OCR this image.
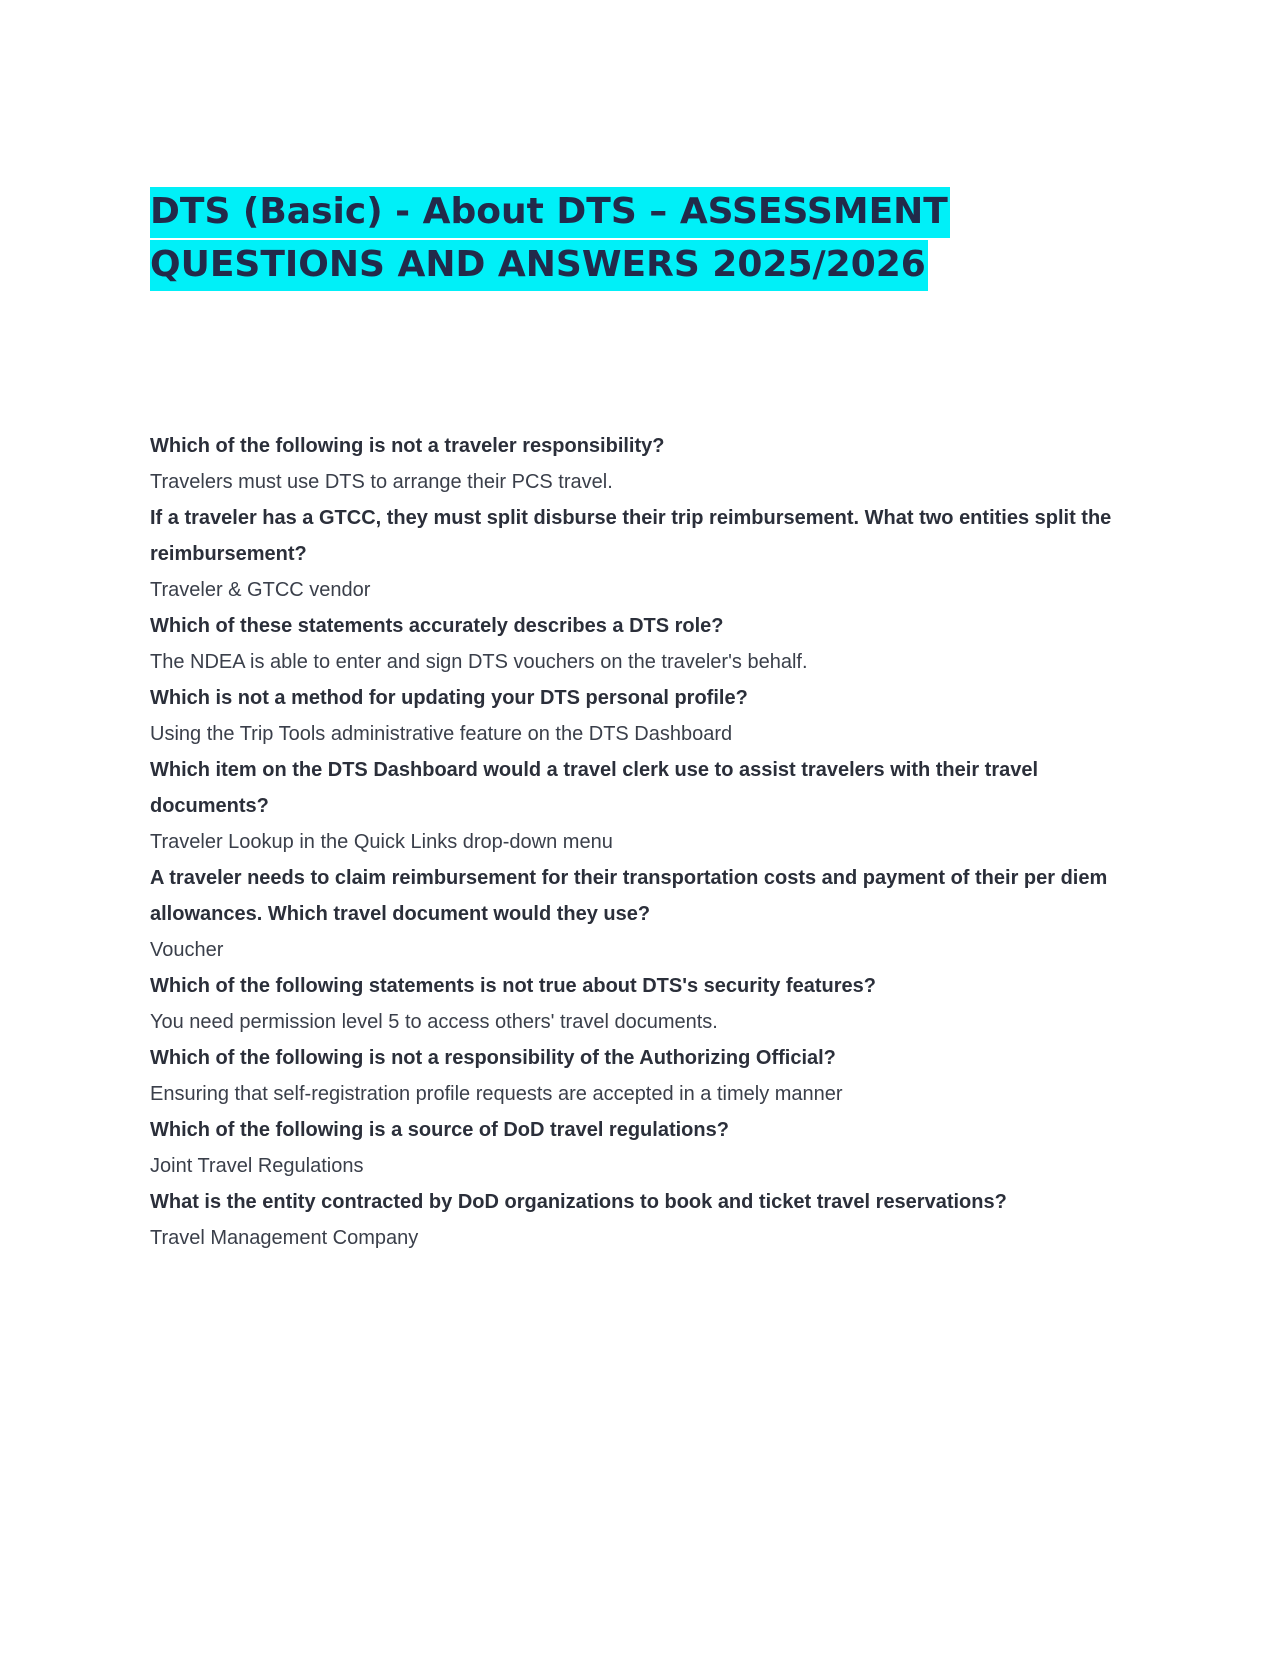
DTS (Basic) - About DTS – ASSESSMENT QUESTIONS AND ANSWERS 2025/2026

Which of the following is not a traveler responsibility?

Travelers must use DTS to arrange their PCS travel.

If a traveler has a GTCC, they must split disburse their trip reimbursement. What two entities split the reimbursement?

Traveler & GTCC vendor

Which of these statements accurately describes a DTS role?

The NDEA is able to enter and sign DTS vouchers on the traveler's behalf.

Which is not a method for updating your DTS personal profile?

Using the Trip Tools administrative feature on the DTS Dashboard

Which item on the DTS Dashboard would a travel clerk use to assist travelers with their travel documents?

Traveler Lookup in the Quick Links drop-down menu

A traveler needs to claim reimbursement for their transportation costs and payment of their per diem allowances. Which travel document would they use?

Voucher

Which of the following statements is not true about DTS's security features?

You need permission level 5 to access others' travel documents.

Which of the following is not a responsibility of the Authorizing Official?

Ensuring that self-registration profile requests are accepted in a timely manner

Which of the following is a source of DoD travel regulations?

Joint Travel Regulations

What is the entity contracted by DoD organizations to book and ticket travel reservations?

Travel Management Company
